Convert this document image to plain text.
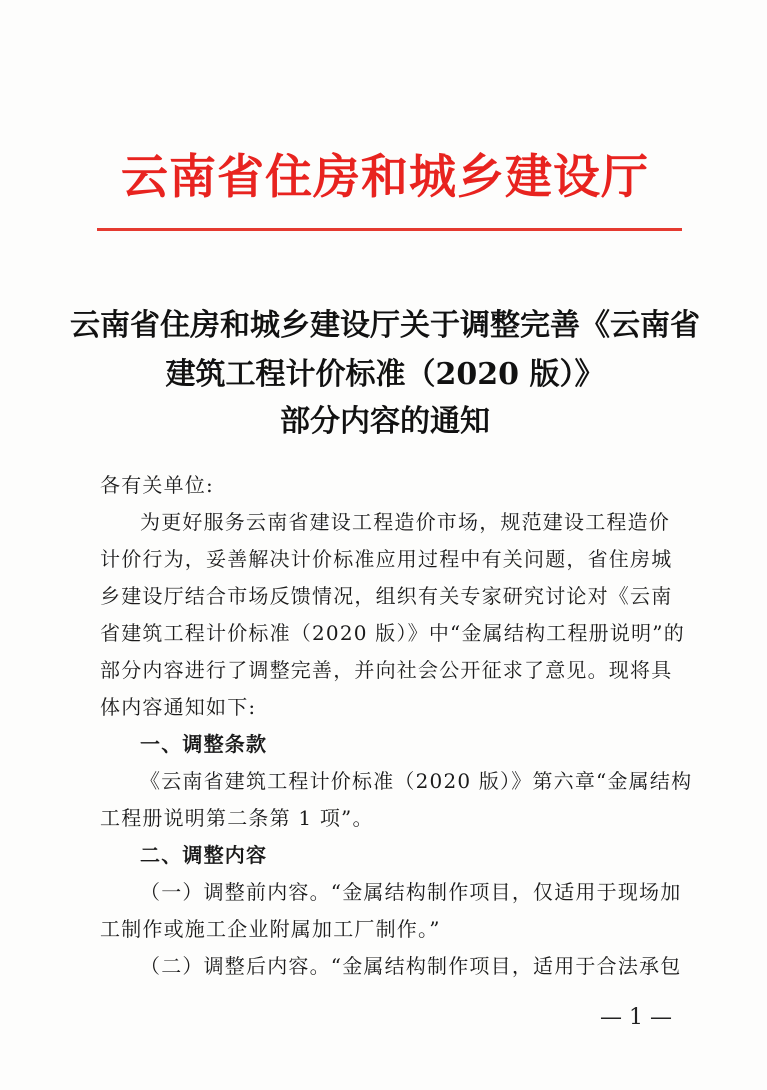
云南省住房和城乡建设厅
云南省住房和城乡建设厅关于调整完善《云南省
建筑工程计价标准（2020 版）》
部分内容的通知
各有关单位:
为更好服务云南省建设工程造价市场，规范建设工程造价
计价行为，妥善解决计价标准应用过程中有关问题，省住房城
乡建设厅结合市场反馈情况，组织有关专家研究讨论对《云南
省建筑工程计价标准（2020 版）》中“金属结构工程册说明”的
部分内容进行了调整完善，并向社会公开征求了意见。现将具
体内容通知如下:
一、调整条款
《云南省建筑工程计价标准（2020 版）》第六章“金属结构
工程册说明第二条第 1 项”。
二、调整内容
（一）调整前内容。“金属结构制作项目，仅适用于现场加
工制作或施工企业附属加工厂制作。”
（二）调整后内容。“金属结构制作项目，适用于合法承包
— 1 —
